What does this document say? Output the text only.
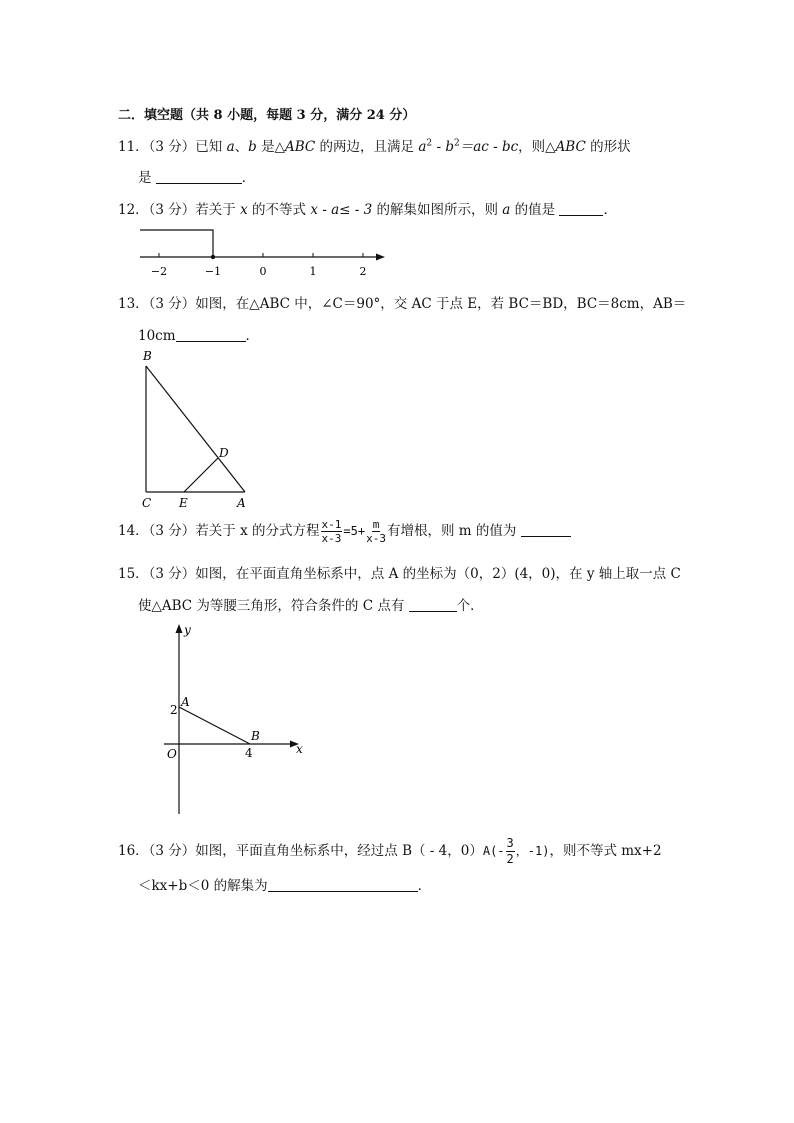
二．填空题（共 8 小题，每题 3 分，满分 24 分）
11．（3 分）已知 a、b 是△ABC 的两边，且满足 $a^2 - b^2=ac$ - bc，则△ABC 的形状
是	．
12．（3 分）若关于 x 的不等式 x - a≤ - 3 的解集如图所示，则 a 的值是	．
−2	−1	0	1	2
13．（3 分）如图，在△ABC 中，∠C＝90°，交 AC 于点 E，若 BC＝BD，BC＝8cm，AB＝
10cm	．
B
C E	A
D
14．（3 分）若关于 x 的分式方程 $\frac{x-1}{x-3} =5+ \frac{m}{x-3}$ 有增根，则 m 的值为
15．（3 分）如图，在平面直角坐标系中，点 A 的坐标为（0，2）(4，0)，在 y 轴上取一点 C
使△ABC 为等腰三角形，符合条件的 C 点有	个．
y
x
A
B
O
2
4
16．（3 分）如图，平面直角坐标系中，经过点 B（ - 4，$0)A(- \frac{3}{2}$ ，-1)，则不等式 mx+2
＜kx+b＜0 的解集为	．
